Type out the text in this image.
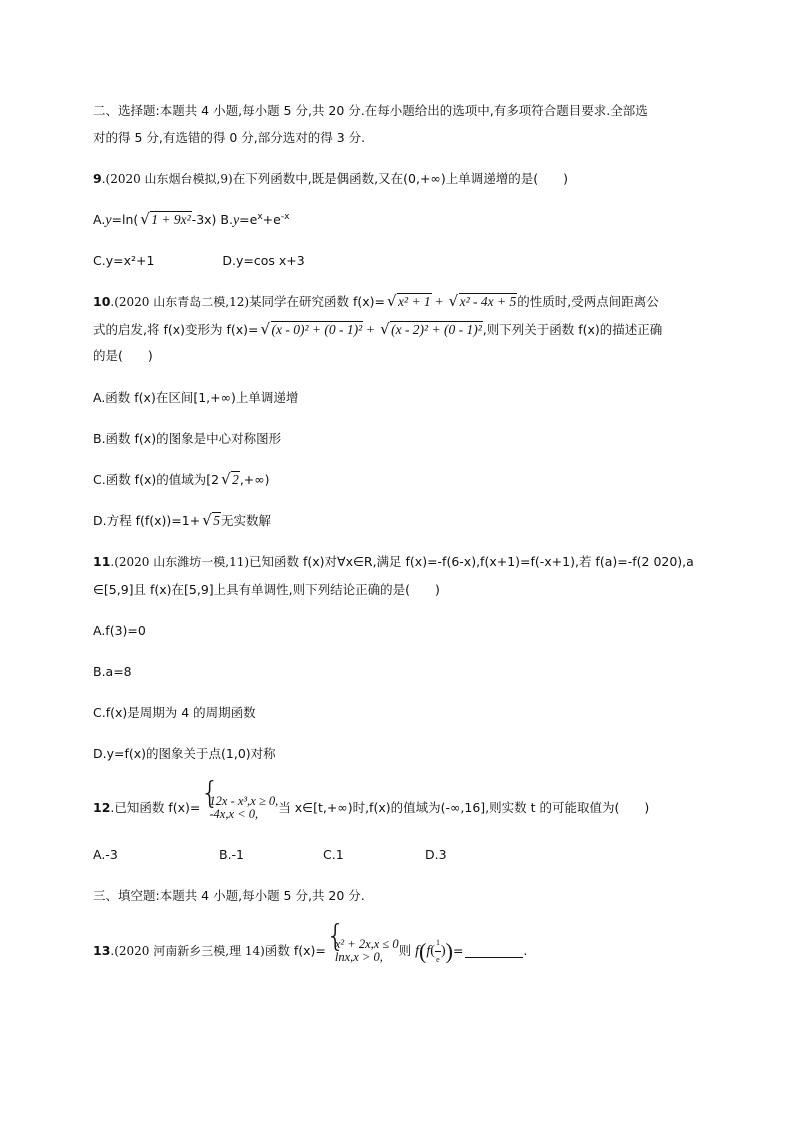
二、选择题:本题共 4 小题,每小题 5 分,共 20 分.在每小题给出的选项中,有多项符合题目要求.全部选
对的得 5 分,有选错的得 0 分,部分选对的得 3 分.
9.(2020 山东烟台模拟,9)在下列函数中,既是偶函数,又在(0,+∞)上单调递增的是(　　)
A.y=ln( √ 1 + 9x²-3x) $B.y=e^x+e^{-x}$
C.y=x²+1	D.y=cos x+3
10.(2020 山东青岛二模,12)某同学在研究函数 f(x)= √ x² + 1 + √ x² - 4x + 5的性质时,受两点间距离公
式的启发,将 f(x)变形为 f(x)= √ (x - 0)² + (0 - 1)² + √ (x - 2)² + (0 - 1)²,则下列关于函数 f(x)的描述正确
的是(　　)
A.函数 f(x)在区间[1,+∞)上单调递增
B.函数 f(x)的图象是中心对称图形
C.函数 f(x)的值域为[2 √ 2,+∞)
D.方程 f(f(x))=1+ √ 5无实数解
11.(2020 山东潍坊一模,11)已知函数 f(x)对∀x∈R,满足 f(x)=-f(6-x),f(x+1)=f(-x+1),若 f(a)=-f(2 020),a
∈[5,9]且 f(x)在[5,9]上具有单调性,则下列结论正确的是(　　)
A.f(3)=0
B.a=8
C.f(x)是周期为 4 的周期函数
D.y=f(x)的图象关于点(1,0)对称
12.已知函数 f(x)= {
12x - x³,x ≥ 0,
-4x,x < 0,	当 x∈[t,+∞)时,f(x)的值域为(-∞,16],则实数 t 的可能取值为(　　)
A.-3	B.-1	C.1	D.3
三、填空题:本题共 4 小题,每小题 5 分,共 20 分.
13.(2020 河南新乡三模,理 14)函数 f(x)= {
x² + 2x,x ≤ 0
lnx,x > 0,	则 $f(f( \frac{1}{e}$ ))=	.
